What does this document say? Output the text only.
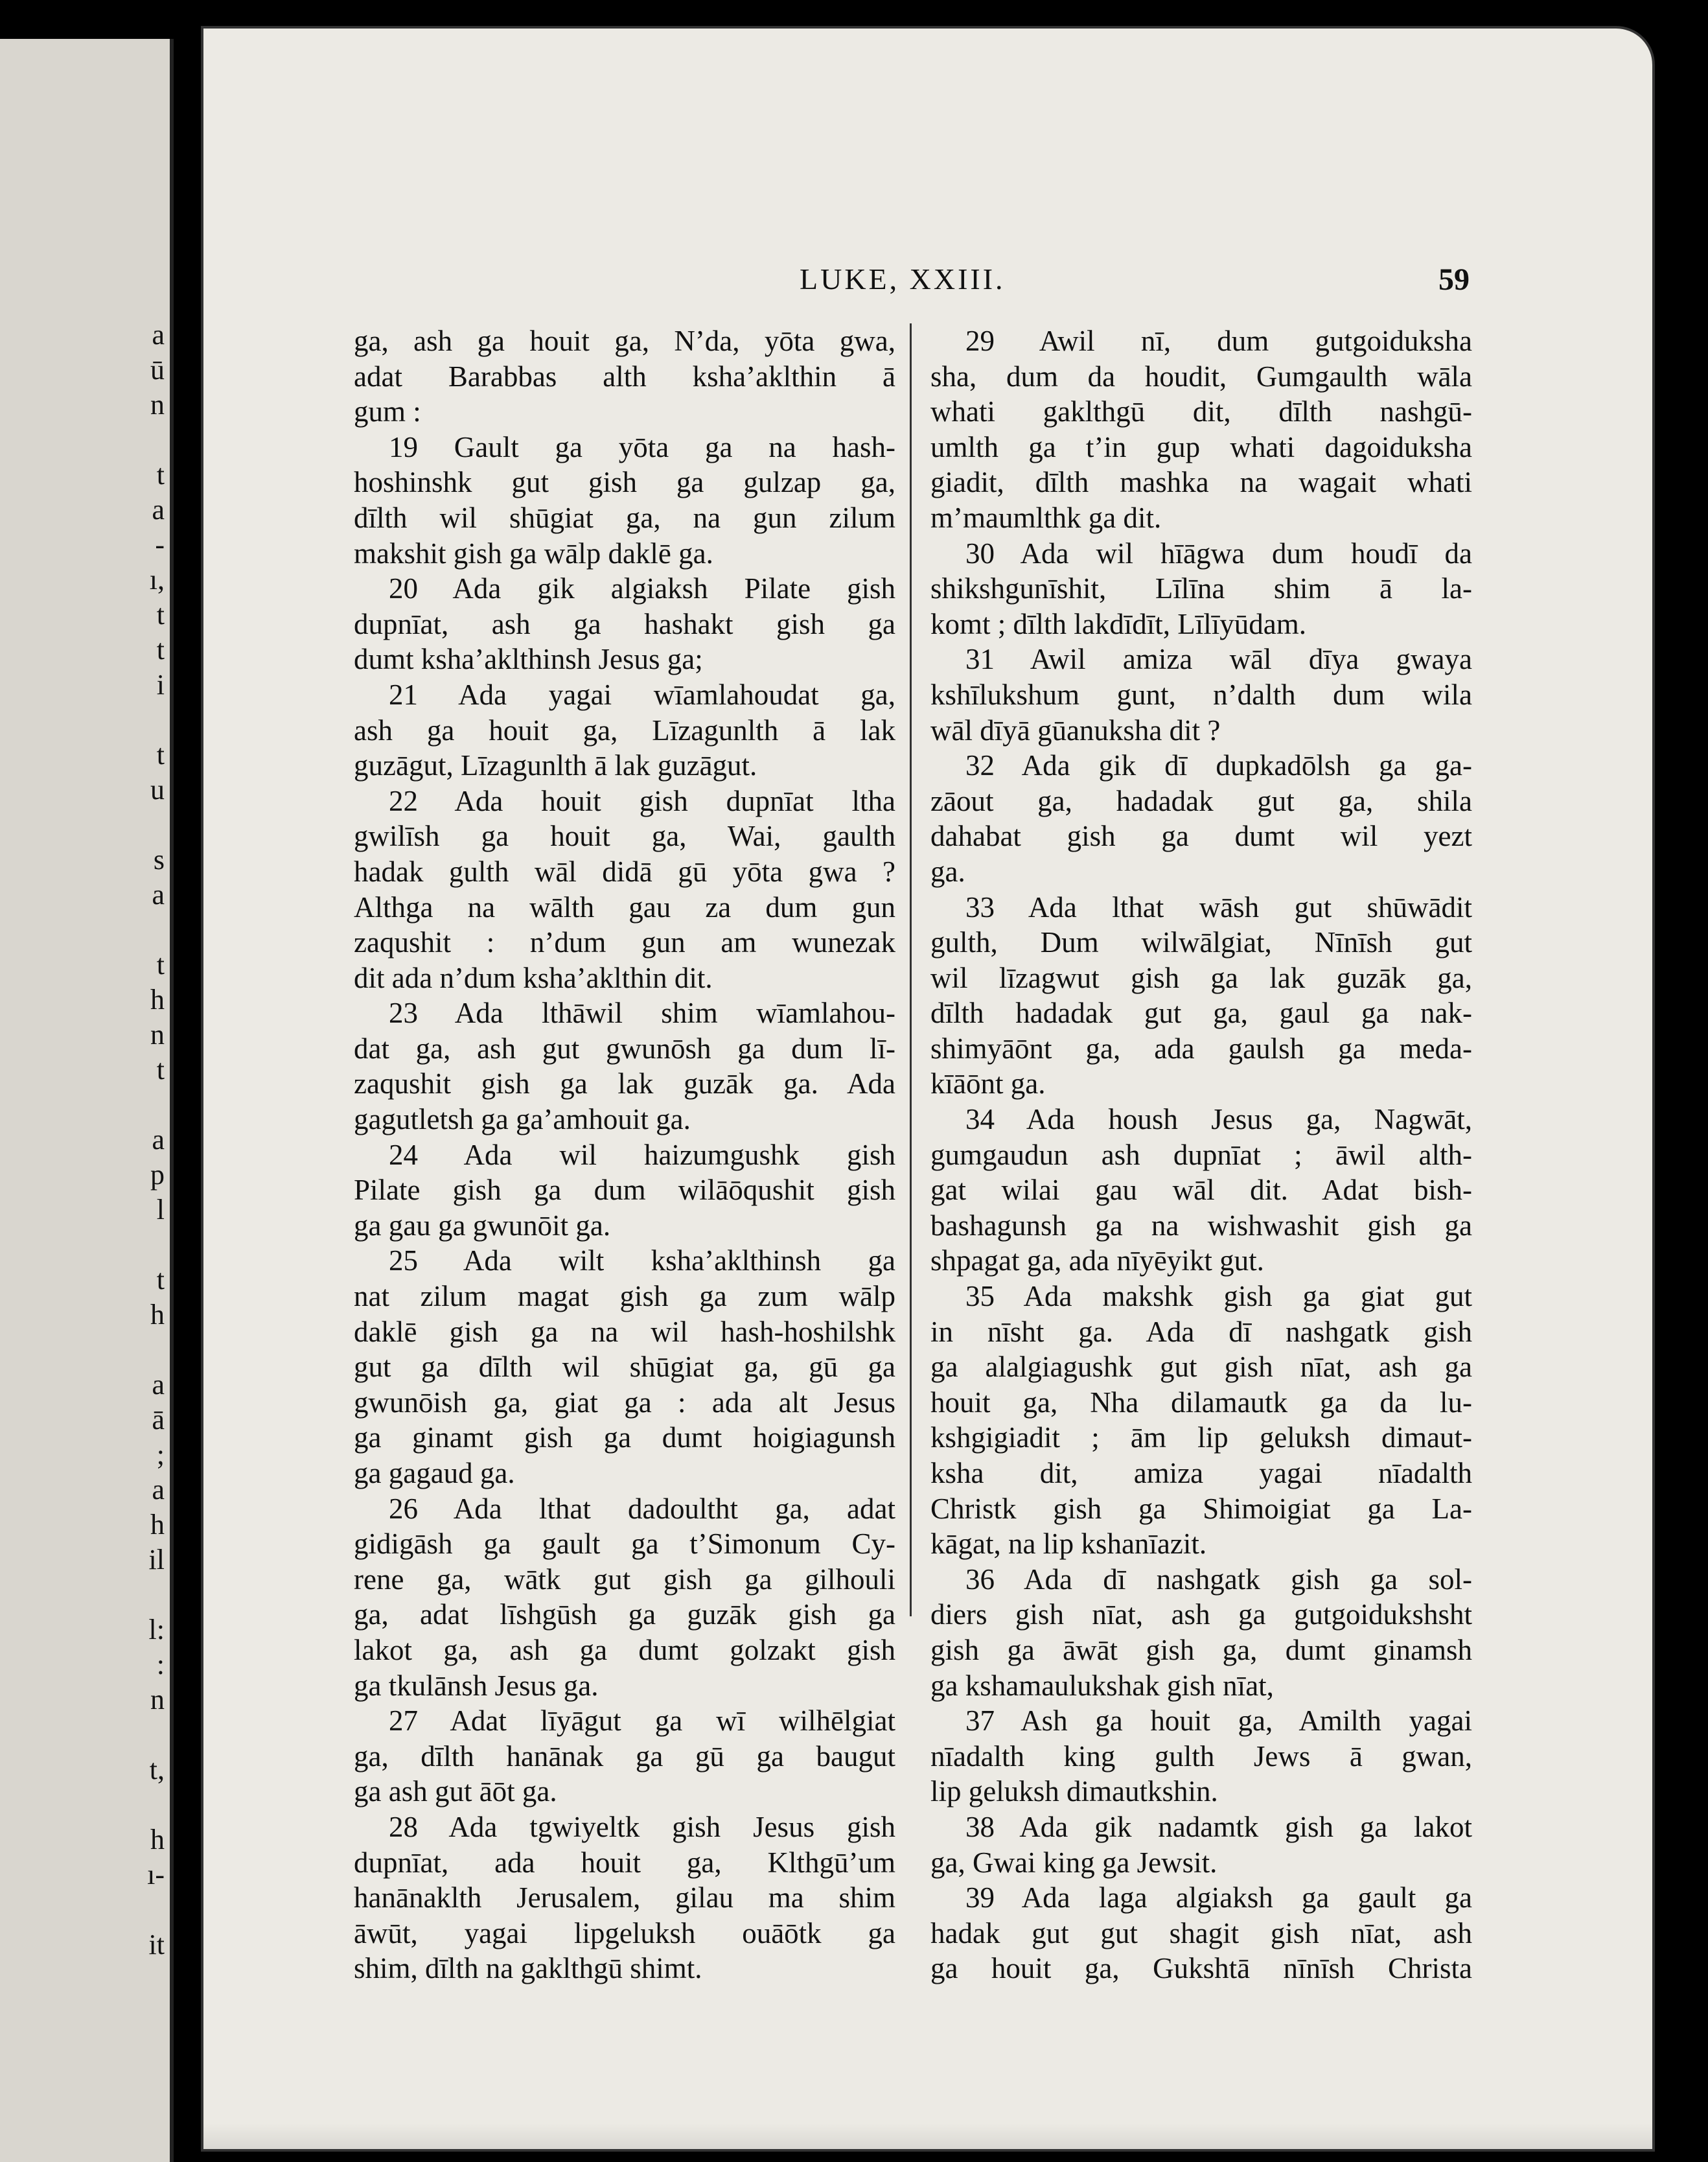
a
ū
n
t
a
-
ı,
t
t
i
t
u
s
a
t
h
n
t
a
p
l
t
h
a
ā
;
a
h
il
l:
:
n
t,
h
ı-
it
LUKE, XXIII.	59
ga, ash ga houit ga, N’da, yōta gwa,
adat Barabbas alth ksha’aklthin ā
gum :
19 Gault ga yōta ga na hash-
hoshinshk gut gish ga gulzap ga,
dīlth wil shūgiat ga, na gun zilum
makshit gish ga wālp daklē ga.
20 Ada gik algiaksh Pilate gish
dupnīat, ash ga hashakt gish ga
dumt ksha’aklthinsh Jesus ga;
21 Ada yagai wīamlahoudat ga,
ash ga houit ga, Līzagunlth ā lak
guzāgut, Līzagunlth ā lak guzāgut.
22 Ada houit gish dupnīat ltha
gwilīsh ga houit ga, Wai, gaulth
hadak gulth wāl didā gū yōta gwa ?
Althga na wālth gau za dum gun
zaqushit : n’dum gun am wunezak
dit ada n’dum ksha’aklthin dit.
23 Ada lthāwil shim wīamlahou-
dat ga, ash gut gwunōsh ga dum lī-
zaqushit gish ga lak guzāk ga. Ada
gagutletsh ga ga’amhouit ga.
24 Ada wil haizumgushk gish
Pilate gish ga dum wilāōqushit gish
ga gau ga gwunōit ga.
25 Ada wilt ksha’aklthinsh ga
nat zilum magat gish ga zum wālp
daklē gish ga na wil hash-hoshilshk
gut ga dīlth wil shūgiat ga, gū ga
gwunōish ga, giat ga : ada alt Jesus
ga ginamt gish ga dumt hoigiagunsh
ga gagaud ga.
26 Ada lthat dadoultht ga, adat
gidigāsh ga gault ga t’Simonum Cy-
rene ga, wātk gut gish ga gilhouli
ga, adat līshgūsh ga guzāk gish ga
lakot ga, ash ga dumt golzakt gish
ga tkulānsh Jesus ga.
27 Adat līyāgut ga wī wilhēlgiat
ga, dīlth hanānak ga gū ga baugut
ga ash gut āōt ga.
28 Ada tgwiyeltk gish Jesus gish
dupnīat, ada houit ga, Klthgū’um
hanānaklth Jerusalem, gilau ma shim
āwūt, yagai lipgeluksh ouāōtk ga
shim, dīlth na gaklthgū shimt.
29 Awil nī, dum gutgoiduksha
sha, dum da houdit, Gumgaulth wāla
whati gaklthgū dit, dīlth nashgū-
umlth ga t’in gup whati dagoiduksha
giadit, dīlth mashka na wagait whati
m’maumlthk ga dit.
30 Ada wil hīāgwa dum houdī da
shikshgunīshit, Līlīna shim ā la-
komt ; dīlth lakdīdīt, Līlīyūdam.
31 Awil amiza wāl dīya gwaya
kshīlukshum gunt, n’dalth dum wila
wāl dīyā gūanuksha dit ?
32 Ada gik dī dupkadōlsh ga ga-
zāout ga, hadadak gut ga, shila
dahabat gish ga dumt wil yezt
ga.
33 Ada lthat wāsh gut shūwādit
gulth, Dum wilwālgiat, Nīnīsh gut
wil līzagwut gish ga lak guzāk ga,
dīlth hadadak gut ga, gaul ga nak-
shimyāōnt ga, ada gaulsh ga meda-
kīāōnt ga.
34 Ada housh Jesus ga, Nagwāt,
gumgaudun ash dupnīat ; āwil alth-
gat wilai gau wāl dit. Adat bish-
bashagunsh ga na wishwashit gish ga
shpagat ga, ada nīyēyikt gut.
35 Ada makshk gish ga giat gut
in nīsht ga. Ada dī nashgatk gish
ga alalgiagushk gut gish nīat, ash ga
houit ga, Nha dilamautk ga da lu-
kshgigiadit ; ām lip geluksh dimaut-
ksha dit, amiza yagai nīadalth
Christk gish ga Shimoigiat ga La-
kāgat, na lip kshanīazit.
36 Ada dī nashgatk gish ga sol-
diers gish nīat, ash ga gutgoidukshsht
gish ga āwāt gish ga, dumt ginamsh
ga kshamaulukshak gish nīat,
37 Ash ga houit ga, Amilth yagai
nīadalth king gulth Jews ā gwan,
lip geluksh dimautkshin.
38 Ada gik nadamtk gish ga lakot
ga, Gwai king ga Jewsit.
39 Ada laga algiaksh ga gault ga
hadak gut gut shagit gish nīat, ash
ga houit ga, Gukshtā nīnīsh Christa
